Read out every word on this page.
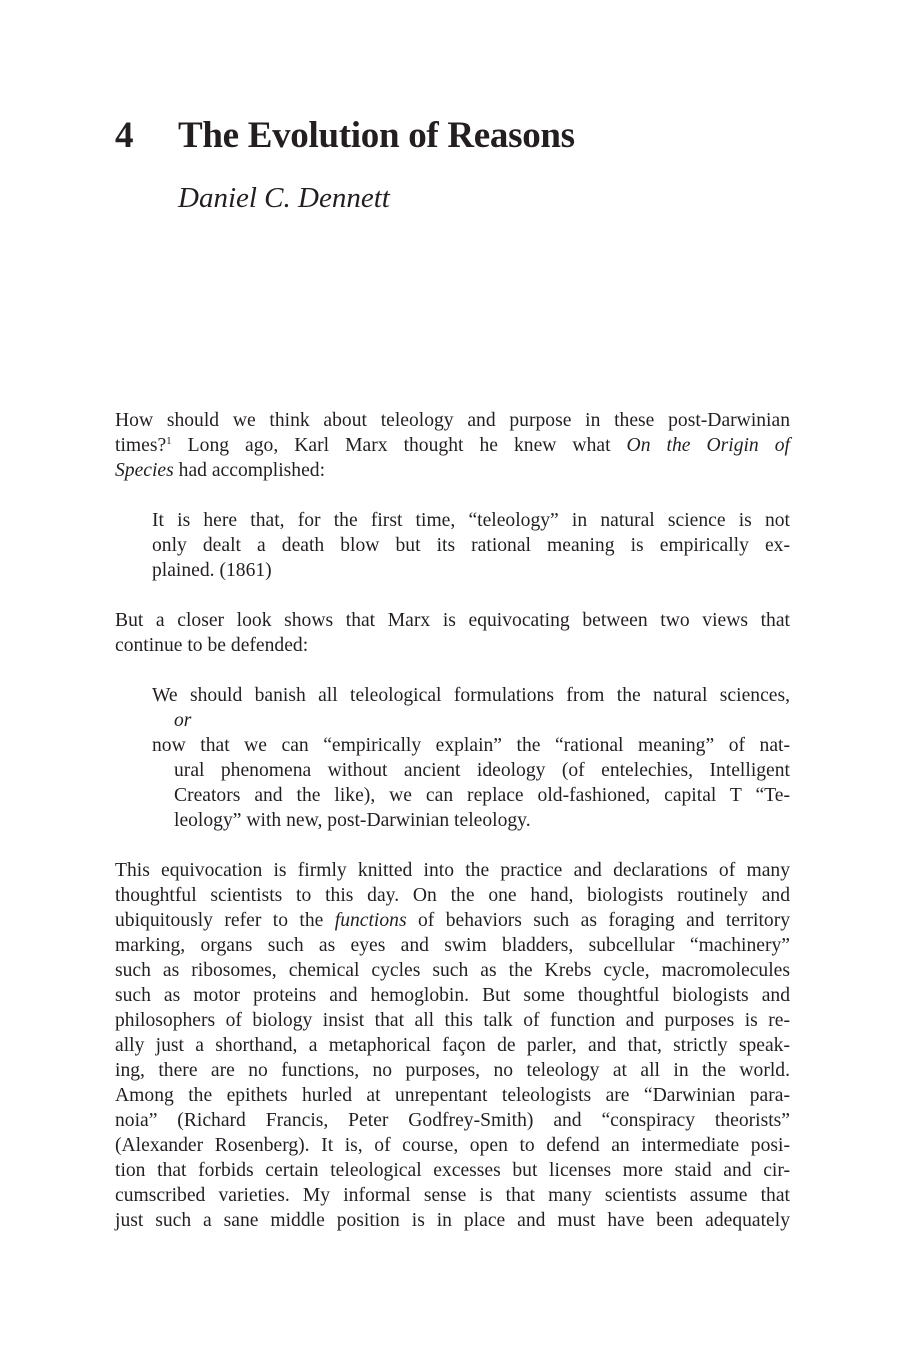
4 The Evolution of Reasons
Daniel C. Dennett
How should we think about teleology and purpose in these post-Darwinian
times?$^1$ Long ago, Karl Marx thought he knew what On the Origin of
Species had accomplished:
It is here that, for the first time, “teleology” in natural science is not
only dealt a death blow but its rational meaning is empirically ex-
plained. (1861)
But a closer look shows that Marx is equivocating between two views that
continue to be defended:
We should banish all teleological formulations from the natural sciences,
or
now that we can “empirically explain” the “rational meaning” of nat-
ural phenomena without ancient ideology (of entelechies, Intelligent
Creators and the like), we can replace old-fashioned, capital T “Te-
leology” with new, post-Darwinian teleology.
This equivocation is firmly knitted into the practice and declarations of many
thoughtful scientists to this day. On the one hand, biologists routinely and
ubiquitously refer to the functions of behaviors such as foraging and territory
marking, organs such as eyes and swim bladders, subcellular “machinery”
such as ribosomes, chemical cycles such as the Krebs cycle, macromolecules
such as motor proteins and hemoglobin. But some thoughtful biologists and
philosophers of biology insist that all this talk of function and purposes is re-
ally just a shorthand, a metaphorical façon de parler, and that, strictly speak-
ing, there are no functions, no purposes, no teleology at all in the world.
Among the epithets hurled at unrepentant teleologists are “Darwinian para-
noia” (Richard Francis, Peter Godfrey-Smith) and “conspiracy theorists”
(Alexander Rosenberg). It is, of course, open to defend an intermediate posi-
tion that forbids certain teleological excesses but licenses more staid and cir-
cumscribed varieties. My informal sense is that many scientists assume that
just such a sane middle position is in place and must have been adequately
